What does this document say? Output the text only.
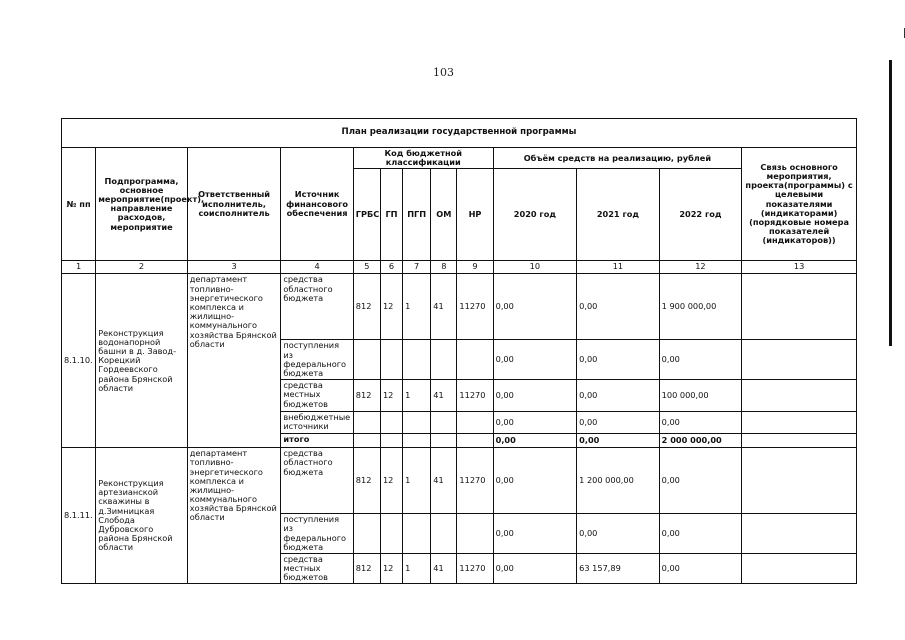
103
План реализации государственной программы												
№ пп	Подпрограмма, основное мероприятие(проект), направление расходов, мероприятие	Ответственный исполнитель, соисполнитель	Источник финансового обеспечения	Код бюджетной классификации					Объём средств на реализацию, рублей			Связь основного мероприятия, проекта(программы) с целевыми показателями (индикаторами) (порядковые номера показателей (индикаторов))
				ГРБС	ГП	ПГП	ОМ	НР	2020 год	2021 год	2022 год	
1	2	3	4	5	6	7	8	9	10	11	12	13
8.1.10.	Реконструкция водонапорной башни в д. Завод-Корецкий Гордеевского района Брянской области	департамент топливно-энергетического комплекса и жилищно-коммунального хозяйства Брянской области	средства областного бюджета	812	12	1	41	11270	0,00	0,00	1 900 000,00	
			поступления из федерального бюджета						0,00	0,00	0,00	
			средства местных бюджетов	812	12	1	41	11270	0,00	0,00	100 000,00	
			внебюджетные источники						0,00	0,00	0,00	
			итого						0,00	0,00	2 000 000,00	
8.1.11.	Реконструкция артезианской скважины в д.Зимницкая Слобода Дубровского района Брянской области	департамент топливно-энергетического комплекса и жилищно-коммунального хозяйства Брянской области	средства областного бюджета	812	12	1	41	11270	0,00	1 200 000,00	0,00	
			поступления из федерального бюджета						0,00	0,00	0,00	
			средства местных бюджетов	812	12	1	41	11270	0,00	63 157,89	0,00	
